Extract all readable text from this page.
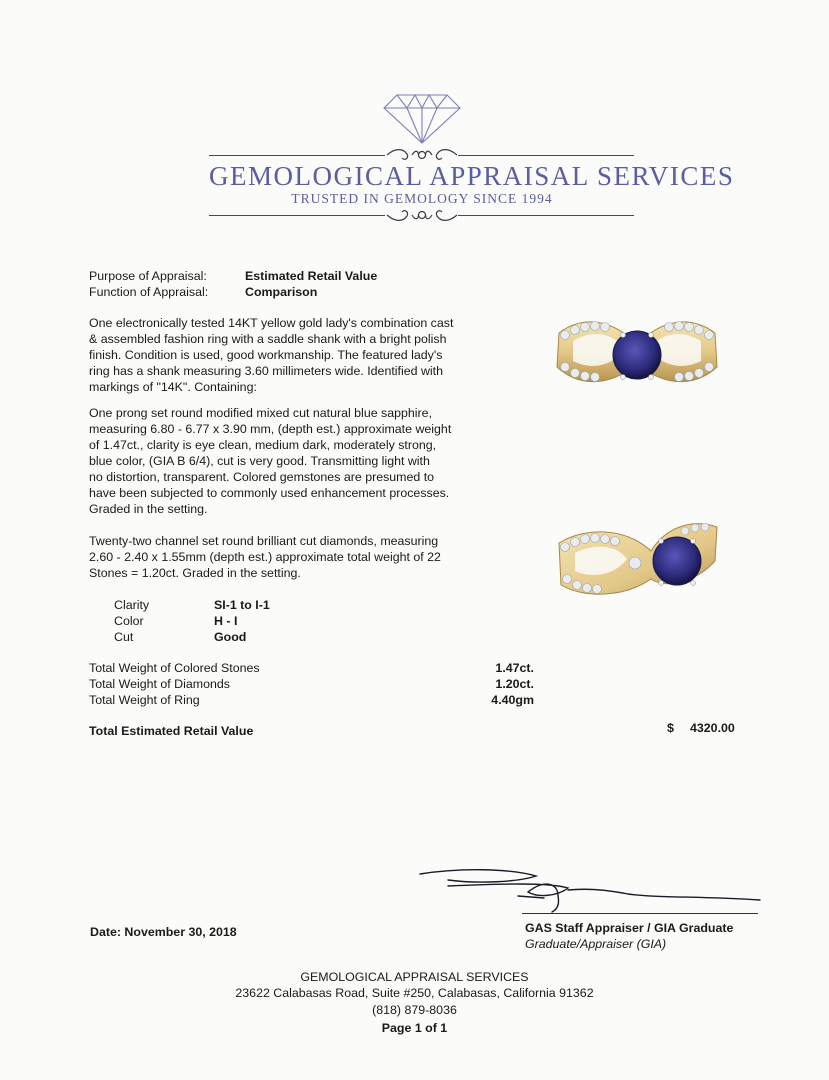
GEMOLOGICAL APPRAISAL SERVICES
TRUSTED IN GEMOLOGY SINCE 1994
Purpose of Appraisal:	Estimated Retail Value
Function of Appraisal:	Comparison
One electronically tested 14KT yellow gold lady's combination cast
& assembled fashion ring with a saddle shank with a bright polish
finish. Condition is used, good workmanship. The featured lady's
ring has a shank measuring 3.60 millimeters wide. Identified with
markings of "14K". Containing:
One prong set round modified mixed cut natural blue sapphire,
measuring 6.80 - 6.77 x 3.90 mm, (depth est.) approximate weight
of 1.47ct., clarity is eye clean, medium dark, moderately strong,
blue color, (GIA B 6/4), cut is very good. Transmitting light with
no distortion, transparent. Colored gemstones are presumed to
have been subjected to commonly used enhancement processes.
Graded in the setting.
Twenty-two channel set round brilliant cut diamonds, measuring
2.60 - 2.40 x 1.55mm (depth est.) approximate total weight of 22
Stones = 1.20ct. Graded in the setting.
Clarity	SI-1 to I-1
Color	H - I
Cut	Good
Total Weight of Colored Stones	1.47ct.
Total Weight of Diamonds	1.20ct.
Total Weight of Ring	4.40gm
Total Estimated Retail Value	$ 4320.00
Date: November 30, 2018	GAS Staff Appraiser / GIA Graduate
Graduate/Appraiser (GIA)
GEMOLOGICAL APPRAISAL SERVICES
23622 Calabasas Road, Suite #250, Calabasas, California 91362
(818) 879-8036
Page 1 of 1
